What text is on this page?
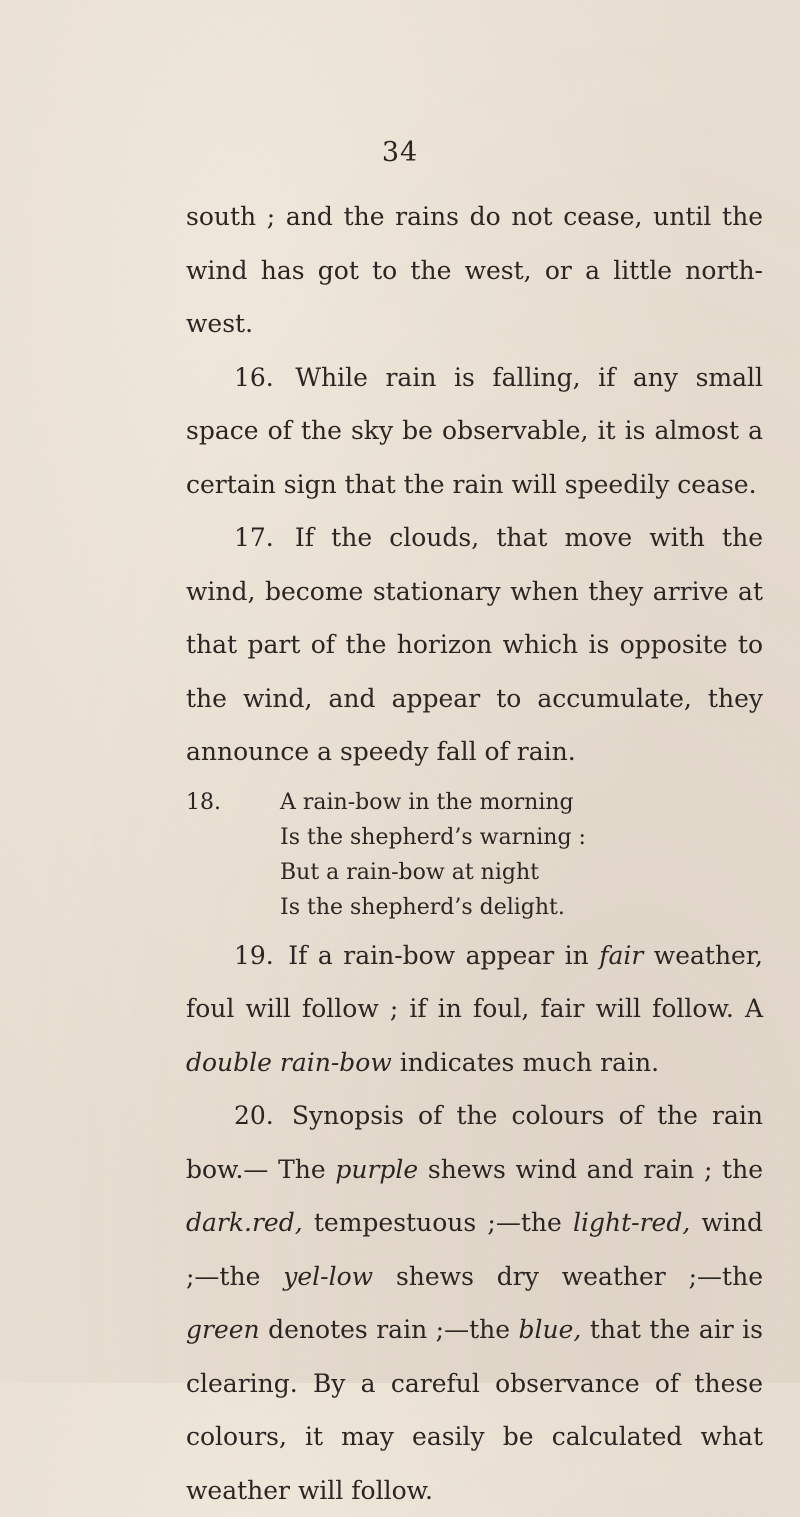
34

south ; and the rains do not cease, until the wind has got to the west, or a little north-west.

16. While rain is falling, if any small space of the sky be observable, it is almost a certain sign that the rain will speedily cease.

17. If the clouds, that move with the wind, become stationary when they arrive at that part of the horizon which is opposite to the wind, and appear to accumulate, they announce a speedy fall of rain.

18.	A rain-bow in the morning
Is the shepherd’s warning :
But a rain-bow at night
Is the shepherd’s delight.

19. If a rain-bow appear in fair weather, foul will follow ; if in foul, fair will follow. A double rain-bow indicates much rain.

20. Synopsis of the colours of the rain bow.— The purple shews wind and rain ; the dark.red, tempestuous ;—the light-red, wind ;—the yel-low shews dry weather ;—the green denotes rain ;—the blue, that the air is clearing. By a careful observance of these colours, it may easily be calculated what weather will follow.
